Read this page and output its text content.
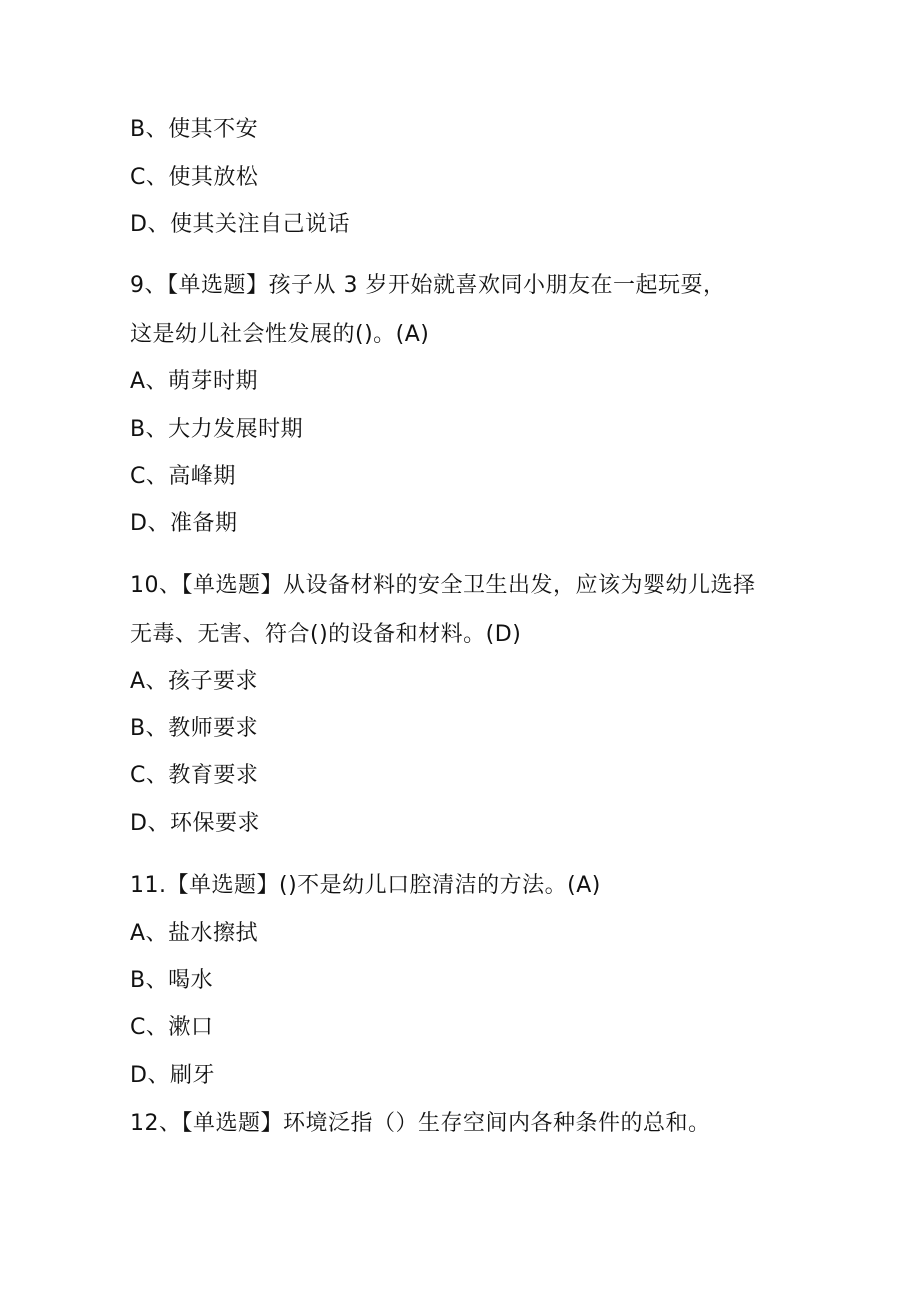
B、使其不安
C、使其放松
D、使其关注自己说话
9、【单选题】孩子从 3 岁开始就喜欢同小朋友在一起玩耍，
这是幼儿社会性发展的()。(A)
A、萌芽时期
B、大力发展时期
C、高峰期
D、准备期
10、【单选题】从设备材料的安全卫生出发，应该为婴幼儿选择
无毒、无害、符合()的设备和材料。(D)
A、孩子要求
B、教师要求
C、教育要求
D、环保要求
11.【单选题】()不是幼儿口腔清洁的方法。(A)
A、盐水擦拭
B、喝水
C、漱口
D、刷牙
12、【单选题】环境泛指（）生存空间内各种条件的总和。
